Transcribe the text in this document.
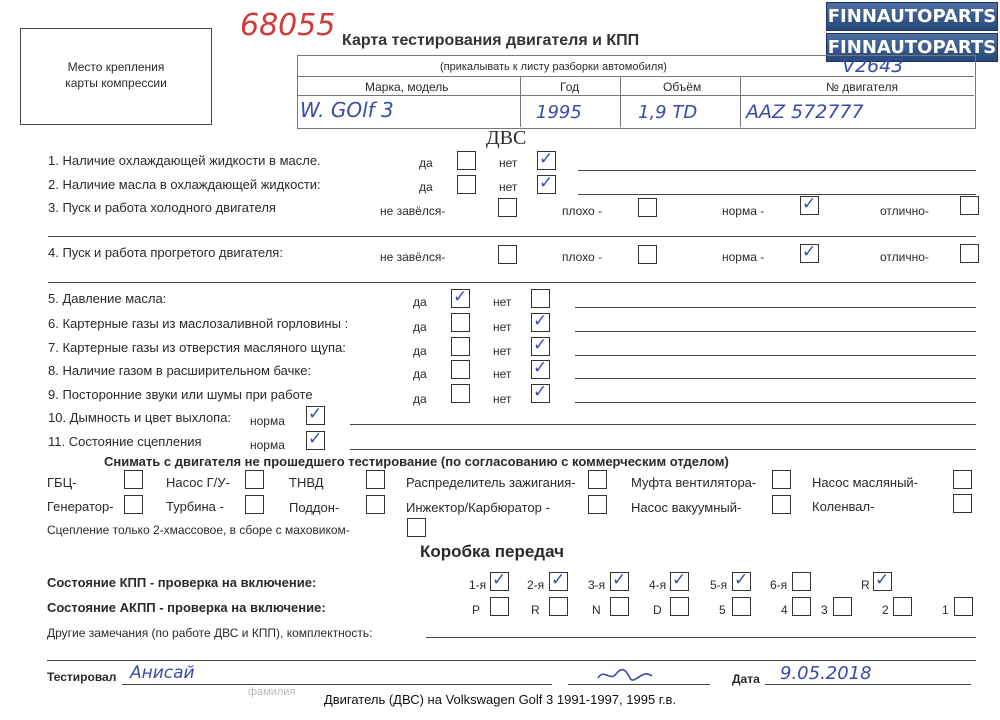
68055
Место крепления
карты компрессии
Карта тестирования двигателя и КПП
FINNAUTOPARTS
FINNAUTOPARTS
(прикалывать к листу разборки автомобиля)	V2643
Марка, модель	Год	Объём	№ двигателя
W. GOlf 3	1995	1,9 TD	AAZ 572777
ДВС
1. Наличие охлаждающей жидкости в масле.	да	нет ✓
2. Наличие масла в охлаждающей жидкости:	да	нет ✓
3. Пуск и работа холодного двигателя	не завёлся-	плохо -	норма - ✓	отлично-
4. Пуск и работа прогретого двигателя:	не завёлся-	плохо -	норма - ✓	отлично-
5. Давление масла:	да ✓ нет
6. Картерные газы из маслозаливной горловины :	да	нет ✓
7. Картерные газы из отверстия масляного щупа:	да	нет ✓
8. Наличие газом в расширительном бачке:	да	нет ✓
9. Посторонние звуки или шумы при работе	да	нет ✓
10. Дымность и цвет выхлопа: норма ✓
11. Состояние сцепления	норма ✓
Снимать с двигателя не прошедшего тестирование (по согласованию с коммерческим отделом)
ГБЦ-	Насос Г/У-	ТНВД	Распределитель зажигания-	Муфта вентилятора-	Насос масляный-
Генератор-	Турбина -	Поддон-	Инжектор/Карбюратор -	Насос вакуумный-	Коленвал-
Сцепление только 2-хмассовое, в сборе с маховиком-
Коробка передач
Состояние КПП - проверка на включение:	1-я ✓ 2-я ✓ 3-я ✓ 4-я ✓ 5-я ✓ 6-я	R ✓
Состояние АКПП - проверка на включение:	P	R	N	D	5	4	3	2	1
Другие замечания (по работе ДВС и КПП), комплектность:
Тестировал Анисай
фамилия
Дата 9.05.2018
Двигатель (ДВС) на Volkswagen Golf 3 1991-1997, 1995 г.в.
